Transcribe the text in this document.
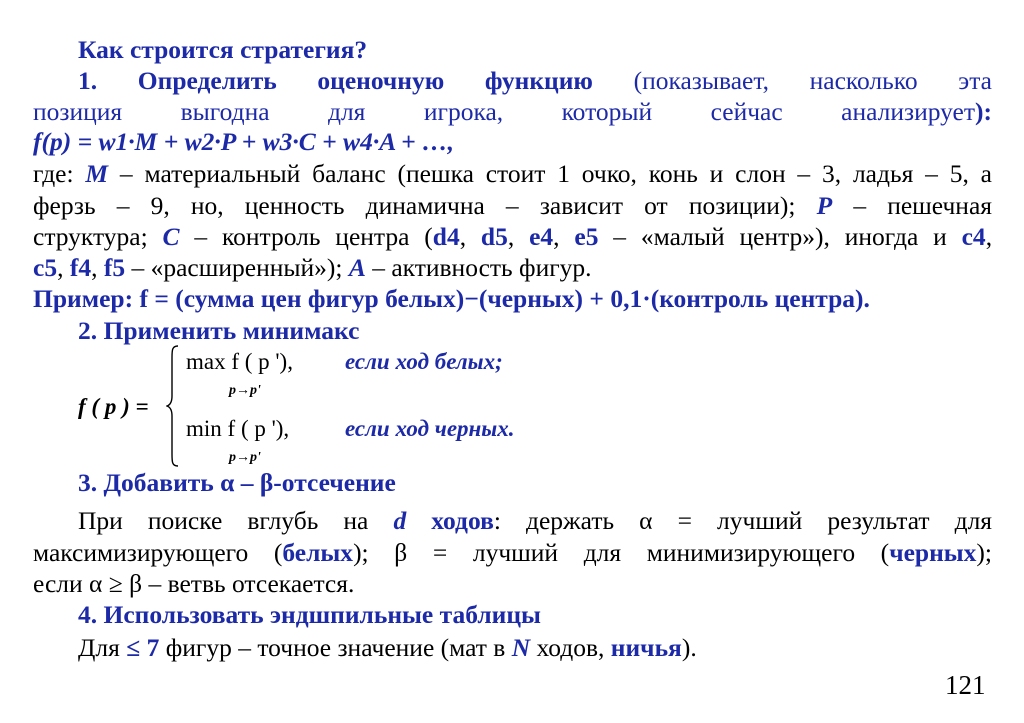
Как строится стратегия?
1. Определить оценочную функцию (показывает, насколько эта
позиция выгодна для игрока, который сейчас анализирует):
f(p) = w1·M + w2·P + w3·C + w4·A + …,
где: M – материальный баланс (пешка стоит 1 очко, конь и слон – 3, ладья – 5, а
ферзь – 9, но, ценность динамична – зависит от позиции); P – пешечная
структура; C – контроль центра (d4, d5, e4, e5 – «малый центр»), иногда и c4,
c5, f4, f5 – «расширенный»); A – активность фигур.
Пример: f = (сумма цен фигур белых)−(черных) + 0,1·(контроль центра).
2. Применить минимакс
f ( p ) =
max f ( p '),
p→p'
если ход белых;
min f ( p '),
p→p'
если ход черных.
3. Добавить α – β-отсечение
При поиске вглубь на d ходов: держать α = лучший результат для
максимизирующего (белых); β = лучший для минимизирующего (черных);
если α ≥ β – ветвь отсекается.
4. Использовать эндшпильные таблицы
Для ≤ 7 фигур – точное значение (мат в N ходов, ничья).
121
